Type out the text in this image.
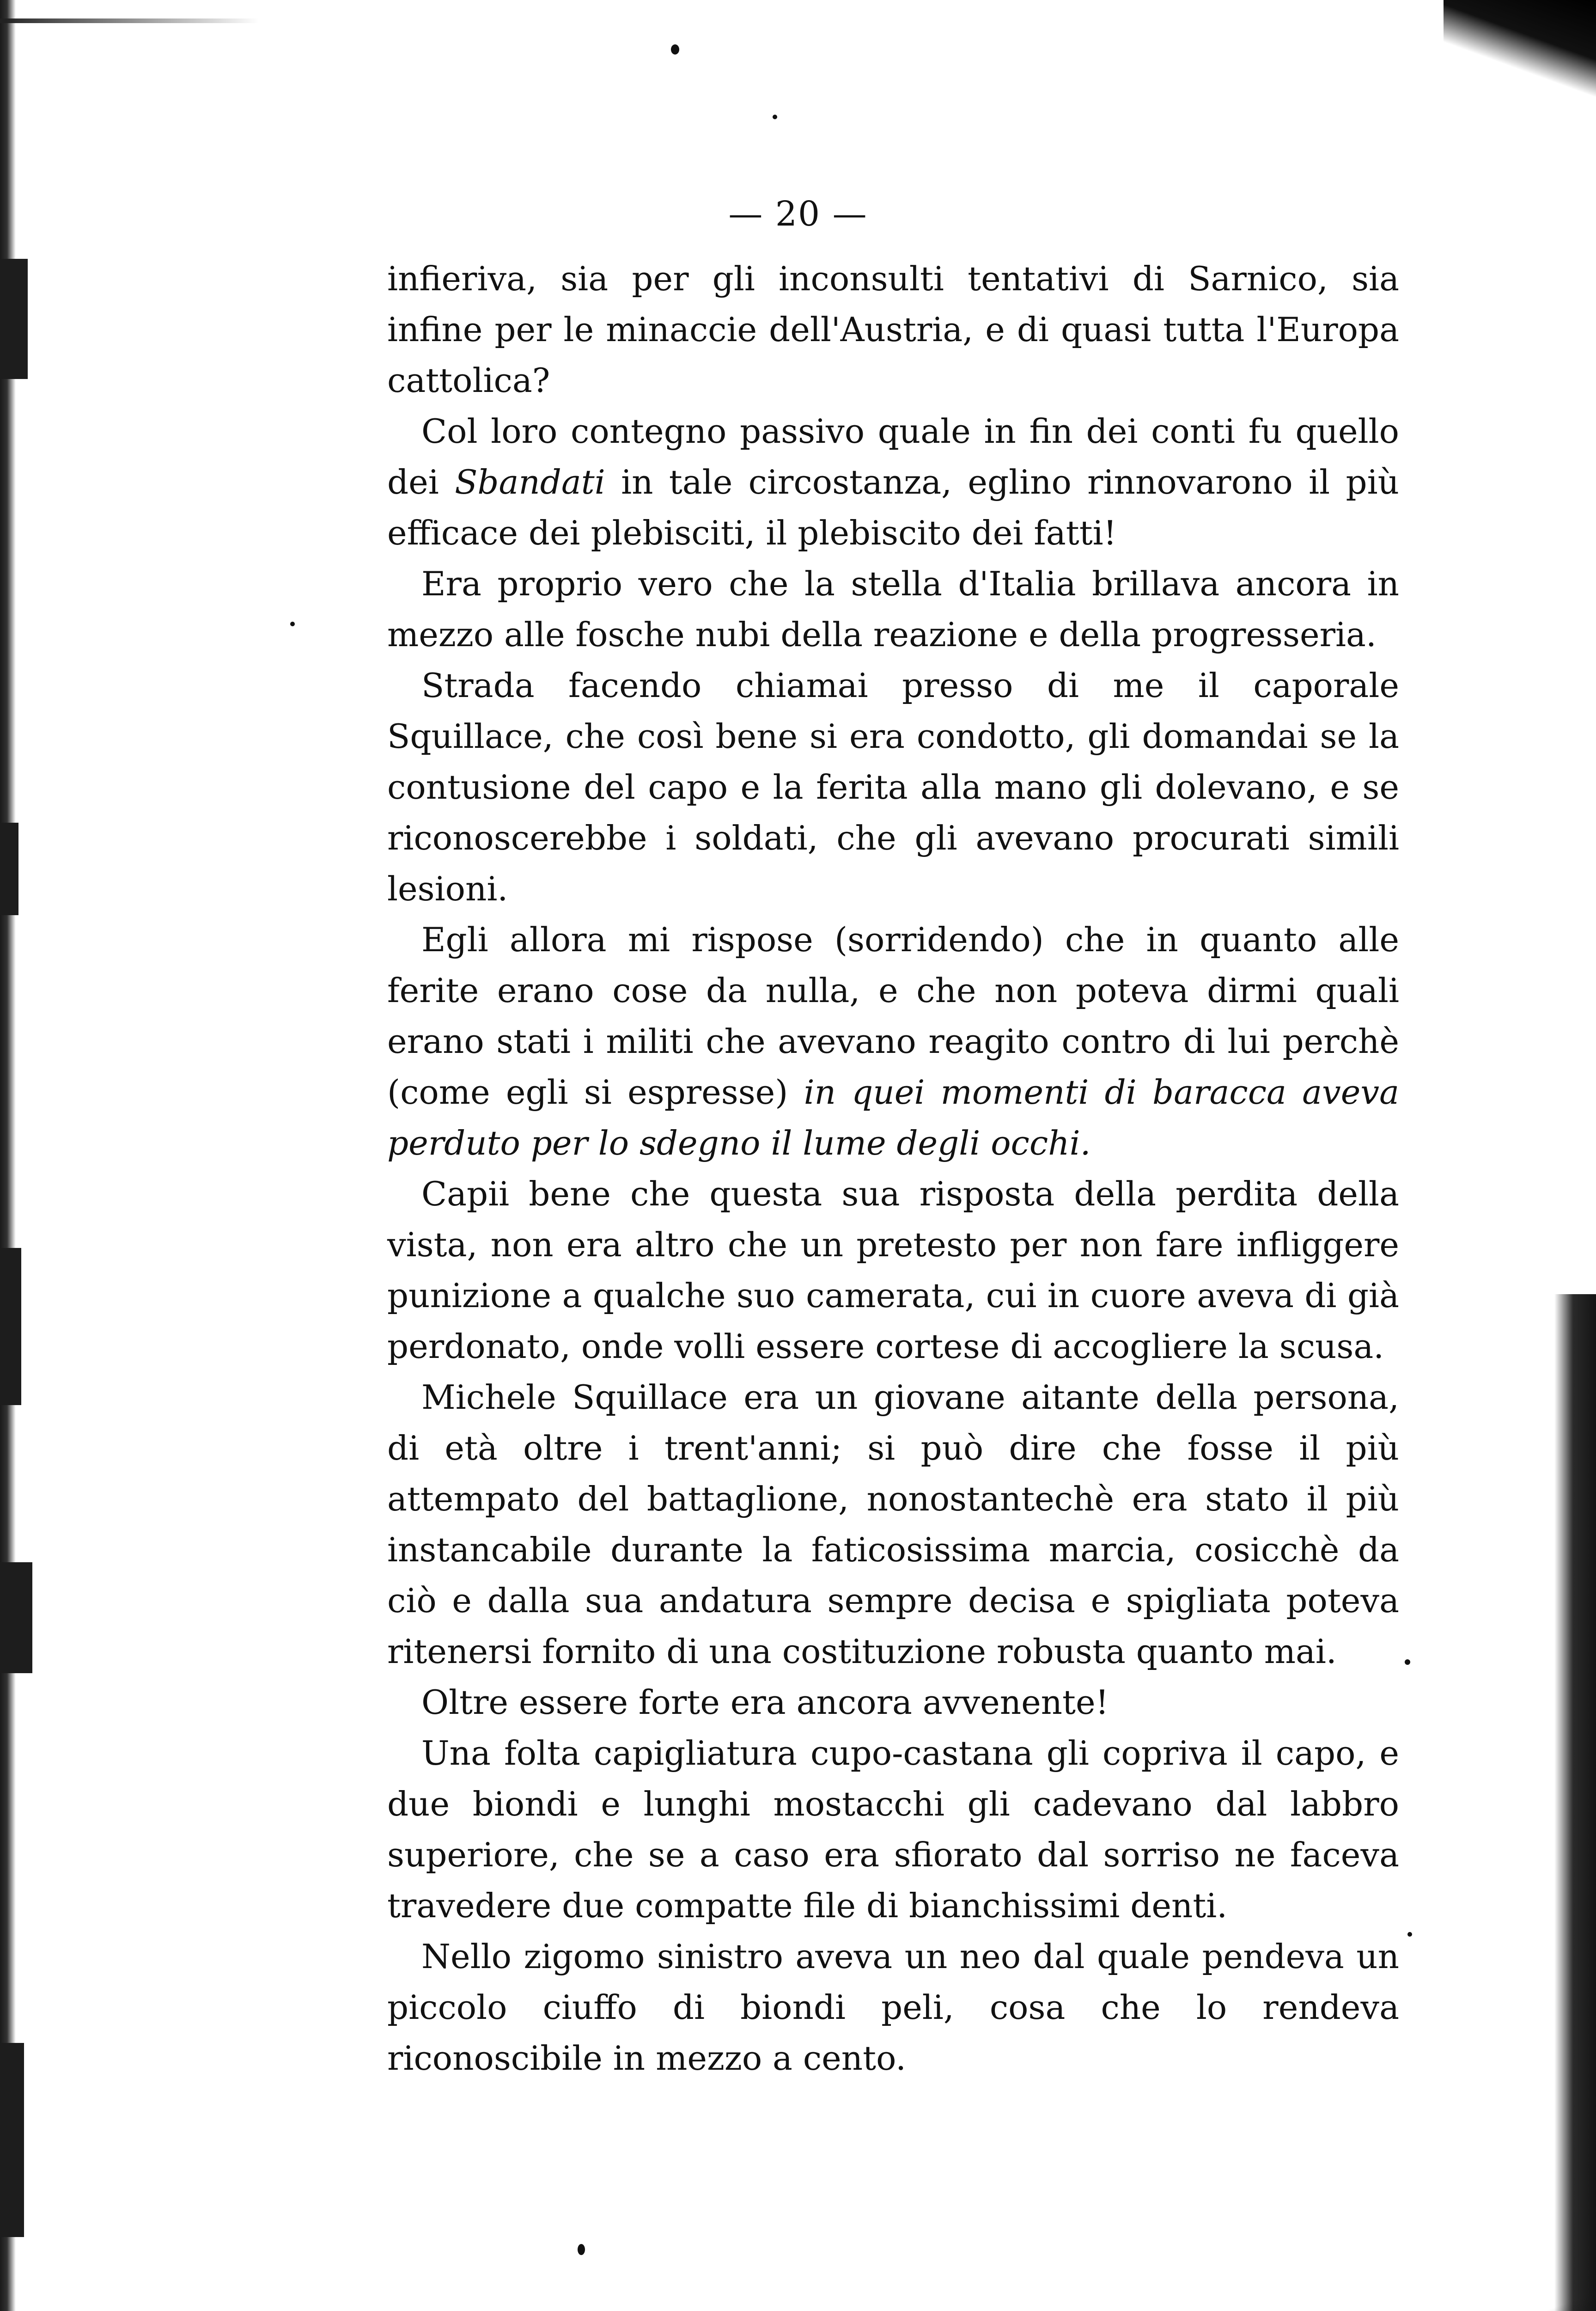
— 20 —

infieriva, sia per gli inconsulti tentativi di Sarnico, sia infine per le minaccie dell'Austria, e di quasi tutta l'Europa cattolica?

Col loro contegno passivo quale in fin dei conti fu quello dei Sbandati in tale circostanza, eglino rinnovarono il più efficace dei plebisciti, il plebiscito dei fatti!

Era proprio vero che la stella d'Italia brillava ancora in mezzo alle fosche nubi della reazione e della progresseria.

Strada facendo chiamai presso di me il caporale Squillace, che così bene si era condotto, gli domandai se la contusione del capo e la ferita alla mano gli dolevano, e se riconoscerebbe i soldati, che gli avevano procurati simili lesioni.

Egli allora mi rispose (sorridendo) che in quanto alle ferite erano cose da nulla, e che non poteva dirmi quali erano stati i militi che avevano reagito contro di lui perchè (come egli si espresse) in quei momenti di baracca aveva perduto per lo sdegno il lume degli occhi.

Capii bene che questa sua risposta della perdita della vista, non era altro che un pretesto per non fare infliggere punizione a qualche suo camerata, cui in cuore aveva di già perdonato, onde volli essere cortese di accogliere la scusa.

Michele Squillace era un giovane aitante della persona, di età oltre i trent'anni; si può dire che fosse il più attempato del battaglione, nonostantechè era stato il più instancabile durante la faticosissima marcia, cosicchè da ciò e dalla sua andatura sempre decisa e spigliata poteva ritenersi fornito di una costituzione robusta quanto mai.

Oltre essere forte era ancora avvenente!

Una folta capigliatura cupo-castana gli copriva il capo, e due biondi e lunghi mostacchi gli cadevano dal labbro superiore, che se a caso era sfiorato dal sorriso ne faceva travedere due compatte file di bianchissimi denti.

Nello zigomo sinistro aveva un neo dal quale pendeva un piccolo ciuffo di biondi peli, cosa che lo rendeva riconoscibile in mezzo a cento.
